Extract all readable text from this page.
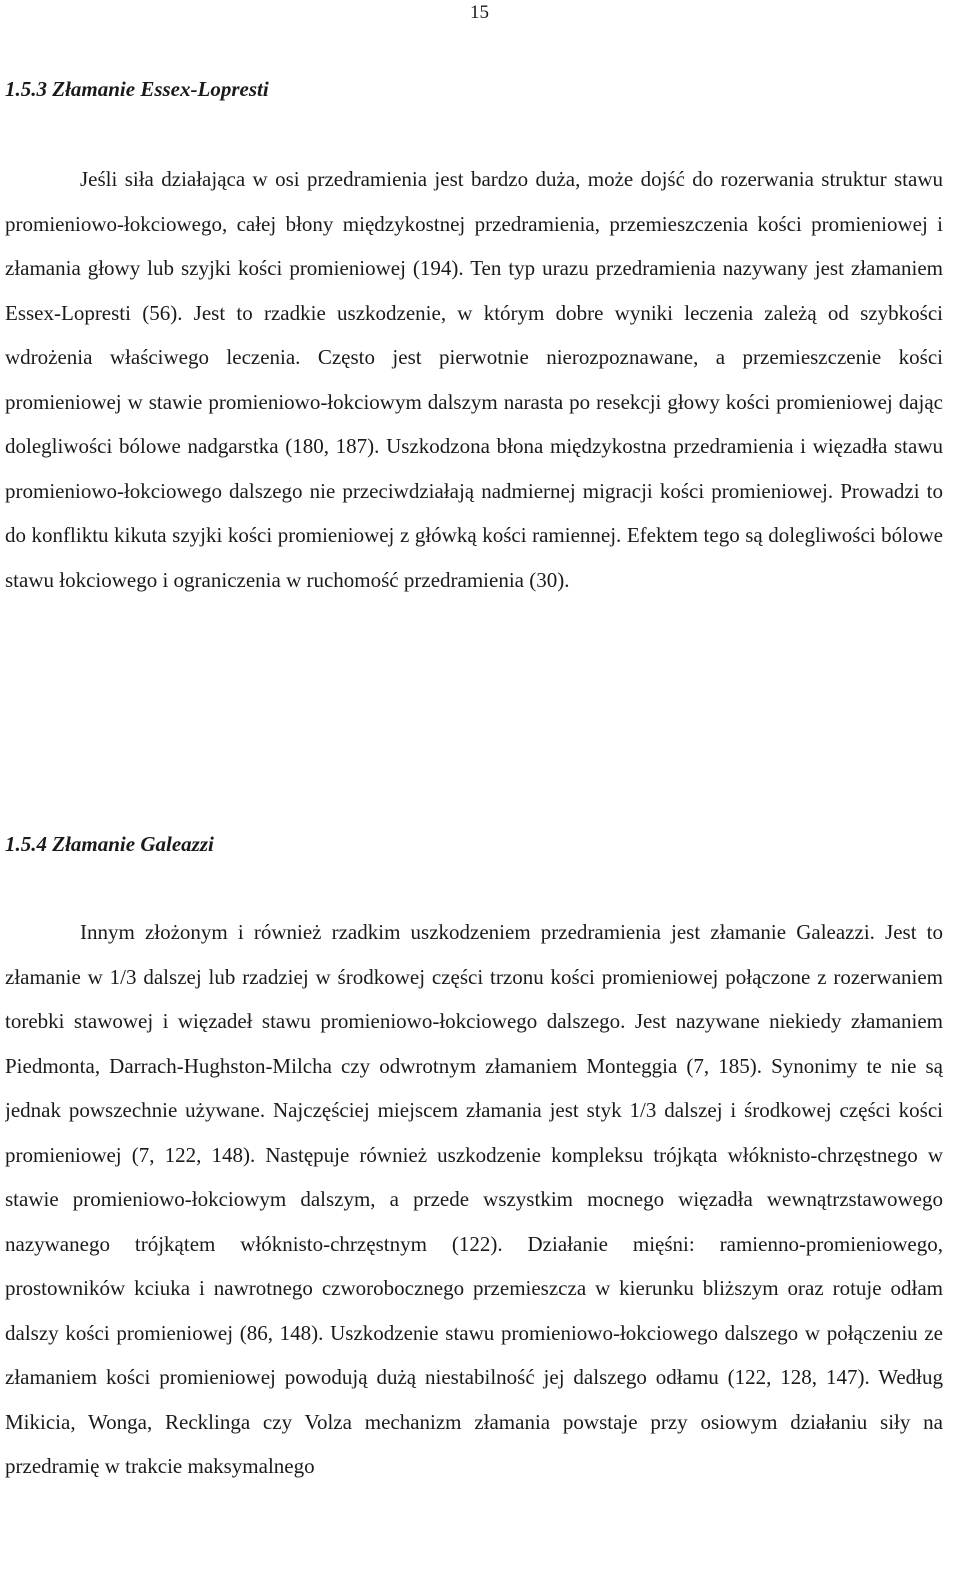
15
1.5.3 Złamanie Essex-Lopresti

Jeśli siła działająca w osi przedramienia jest bardzo duża, może dojść do rozerwania struktur stawu promieniowo-łokciowego, całej błony międzykostnej przedramienia, przemieszczenia kości promieniowej i złamania głowy lub szyjki kości promieniowej (194). Ten typ urazu przedramienia nazywany jest złamaniem Essex-Lopresti (56). Jest to rzadkie uszkodzenie, w którym dobre wyniki leczenia zależą od szybkości wdrożenia właściwego leczenia. Często jest pierwotnie nierozpoznawane, a przemieszczenie kości promieniowej w stawie promieniowo-łokciowym dalszym narasta po resekcji głowy kości promieniowej dając dolegliwości bólowe nadgarstka (180, 187). Uszkodzona błona międzykostna przedramienia i więzadła stawu promieniowo-łokciowego dalszego nie przeciwdziałają nadmiernej migracji kości promieniowej. Prowadzi to do konfliktu kikuta szyjki kości promieniowej z główką kości ramiennej. Efektem tego są dolegliwości bólowe stawu łokciowego i ograniczenia w ruchomość przedramienia (30).

1.5.4 Złamanie Galeazzi

Innym złożonym i również rzadkim uszkodzeniem przedramienia jest złamanie Galeazzi. Jest to złamanie w 1/3 dalszej lub rzadziej w środkowej części trzonu kości promieniowej połączone z rozerwaniem torebki stawowej i więzadeł stawu promieniowo-łokciowego dalszego. Jest nazywane niekiedy złamaniem Piedmonta, Darrach-Hughston-Milcha czy odwrotnym złamaniem Monteggia (7, 185). Synonimy te nie są jednak powszechnie używane. Najczęściej miejscem złamania jest styk 1/3 dalszej i środkowej części kości promieniowej (7, 122, 148). Następuje również uszkodzenie kompleksu trójkąta włóknisto-chrzęstnego w stawie promieniowo-łokciowym dalszym, a przede wszystkim mocnego więzadła wewnątrzstawowego nazywanego trójkątem włóknisto-chrzęstnym (122). Działanie mięśni: ramienno-promieniowego, prostowników kciuka i nawrotnego czworobocznego przemieszcza w kierunku bliższym oraz rotuje odłam dalszy kości promieniowej (86, 148). Uszkodzenie stawu promieniowo-łokciowego dalszego w połączeniu ze złamaniem kości promieniowej powodują dużą niestabilność jej dalszego odłamu (122, 128, 147). Według Mikicia, Wonga, Recklinga czy Volza mechanizm złamania powstaje przy osiowym działaniu siły na przedramię w trakcie maksymalnego
